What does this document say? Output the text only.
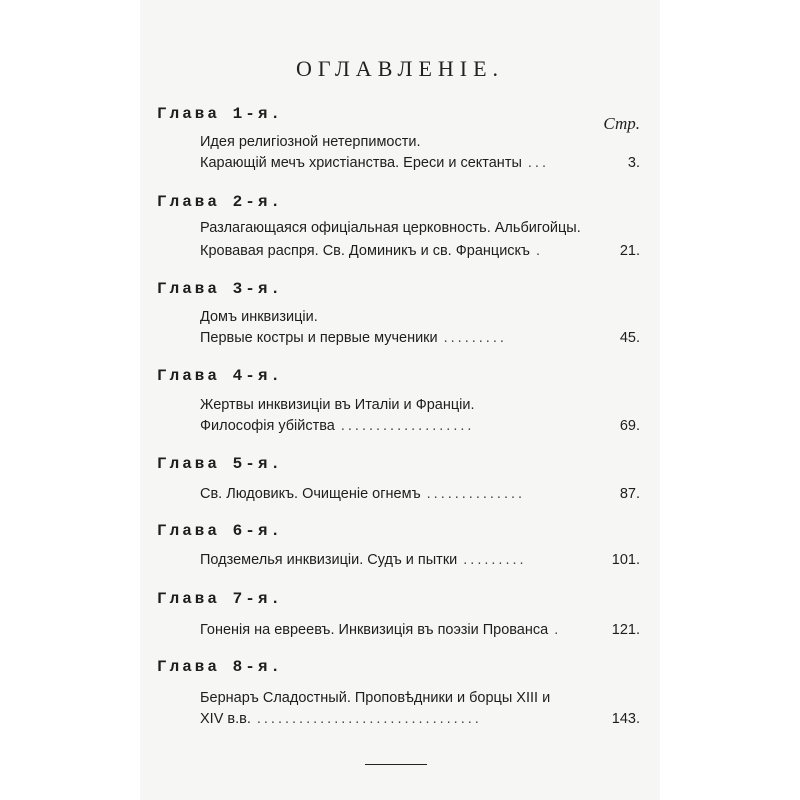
ОГЛАВЛЕНІЕ.
Стр.
Глава 1-я.
Идея религіозной нетерпимости.
Карающій мечъ христіанства. Ереси и сектанты ...	3.
Глава 2-я.
Разлагающаяся офиціальная церковность. Альбигойцы.
Кровавая распря. Св. Доминикъ и св. Францискъ .	21.
Глава 3-я.
Домъ инквизиціи.
Первые костры и первые мученики .........	45.
Глава 4-я.
Жертвы инквизиціи въ Италіи и Франціи.
Философія убійства ...................	69.
Глава 5-я.
Св. Людовикъ. Очищеніе огнемъ ..............	87.
Глава 6-я.
Подземелья инквизиціи. Судъ и пытки .........	101.
Глава 7-я.
Гоненія на евреевъ. Инквизиція въ поэзіи Прованса .	121.
Глава 8-я.
Бернаръ Сладостный. Проповѣдники и борцы XIII и
XIV в.в. ................................	143.
